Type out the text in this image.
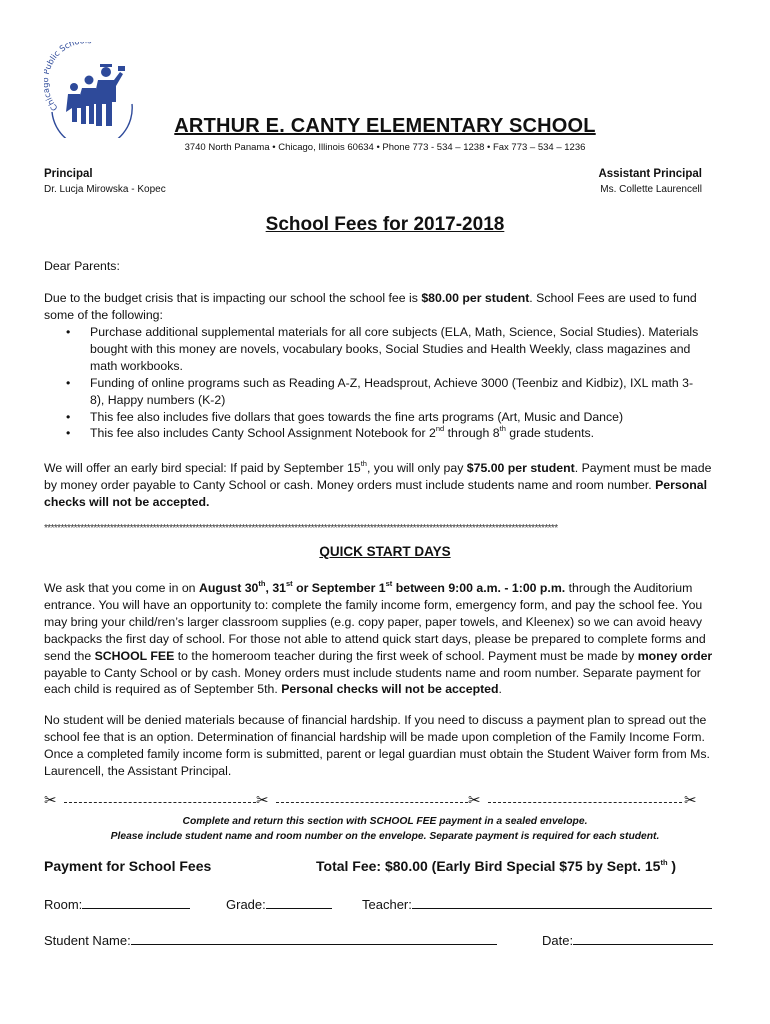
Chi blic Sch
ARTHUR E. CANTY ELEMENTARY SCHOOL
3740 North Panama • Chicago, Illinois 60634 • Phone 773 - 534 – 1238 • Fax 773 – 534 – 1236
Principal
Dr. Lucja Mirowska - Kopec
Assistant Principal
Ms. Collette Laurencell
School Fees for 2017-2018
Dear Parents:
Due to the budget crisis that is impacting our school the school fee is $80.00 per student. School Fees are used to fund some of the following:
• Purchase additional supplemental materials for all core subjects (ELA, Math, Science, Social Studies). Materials bought with this money are novels, vocabulary books, Social Studies and Health Weekly, class magazines and math workbooks.
• Funding of online programs such as Reading A-Z, Headsprout, Achieve 3000 (Teenbiz and Kidbiz), IXL math 3-8), Happy numbers (K-2)
• This fee also includes five dollars that goes towards the fine arts programs (Art, Music and Dance)
• This fee also includes Canty School Assignment Notebook for 2nd through 8th grade students.
We will offer an early bird special: If paid by September 15th, you will only pay $75.00 per student. Payment must be made by money order payable to Canty School or cash. Money orders must include students name and room number. Personal checks will not be accepted.
************************************************************************************************************************************************************
QUICK START DAYS
We ask that you come in on August 30th, 31st or September 1st between 9:00 a.m. - 1:00 p.m. through the Auditorium entrance. You will have an opportunity to: complete the family income form, emergency form, and pay the school fee. You may bring your child/ren’s larger classroom supplies (e.g. copy paper, paper towels, and Kleenex) so we can avoid heavy backpacks the first day of school. For those not able to attend quick start days, please be prepared to complete forms and send the SCHOOL FEE to the homeroom teacher during the first week of school. Payment must be made by money order payable to Canty School or by cash. Money orders must include students name and room number. Separate payment for each child is required as of September 5th. Personal checks will not be accepted.
No student will be denied materials because of financial hardship. If you need to discuss a payment plan to spread out the school fee that is an option. Determination of financial hardship will be made upon completion of the Family Income Form. Once a completed family income form is submitted, parent or legal guardian must obtain the Student Waiver form from Ms. Laurencell, the Assistant Principal.
✂	✂	✂	✂
Complete and return this section with SCHOOL FEE payment in a sealed envelope.
Please include student name and room number on the envelope. Separate payment is required for each student.
Payment for School Fees	Total Fee: $80.00 (Early Bird Special $75 by Sept. 15th )
Room:	Grade:	Teacher:
Student Name:	Date:
